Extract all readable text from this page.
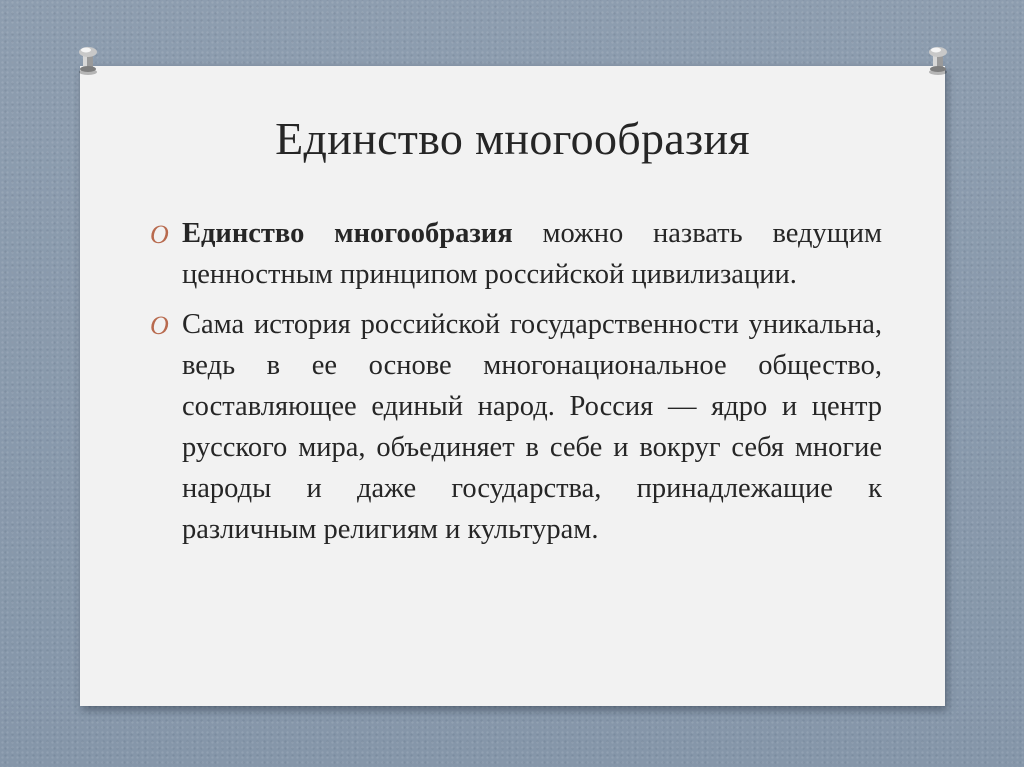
Единство многообразия
O Единство многообразия можно назвать ведущим ценностным принципом российской цивилизации.
O Сама история российской государственности уникальна, ведь в ее основе многонациональное общество, составляющее единый народ. Россия — ядро и центр русского мира, объединяет в себе и вокруг себя многие народы и даже государства, принадлежащие к различным религиям и культурам.
